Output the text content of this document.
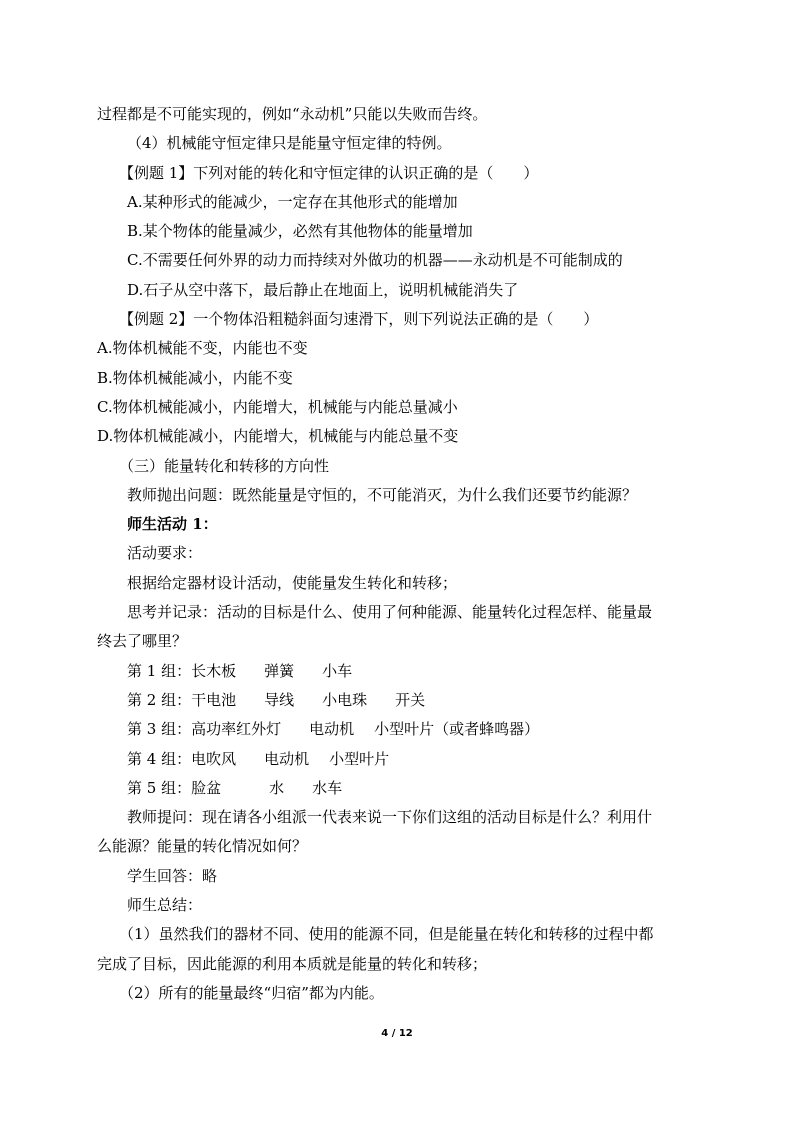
过程都是不可能实现的，例如“永动机”只能以失败而告终。
（4）机械能守恒定律只是能量守恒定律的特例。
【例题 1】下列对能的转化和守恒定律的认识正确的是（　　）
A.某种形式的能减少，一定存在其他形式的能增加
B.某个物体的能量减少，必然有其他物体的能量增加
C.不需要任何外界的动力而持续对外做功的机器——永动机是不可能制成的
D.石子从空中落下，最后静止在地面上，说明机械能消失了
【例题 2】一个物体沿粗糙斜面匀速滑下，则下列说法正确的是（　　）
A.物体机械能不变，内能也不变
B.物体机械能减小，内能不变
C.物体机械能减小，内能增大，机械能与内能总量减小
D.物体机械能减小，内能增大，机械能与内能总量不变
（三）能量转化和转移的方向性
教师抛出问题：既然能量是守恒的，不可能消灭，为什么我们还要节约能源？
师生活动 1：
活动要求：
根据给定器材设计活动，使能量发生转化和转移；
思考并记录：活动的目标是什么、使用了何种能源、能量转化过程怎样、能量最
终去了哪里？
第 1 组：长木板 弹簧 小车
第 2 组：干电池 导线 小电珠 开关
第 3 组：高功率红外灯 电动机 小型叶片（或者蜂鸣器）
第 4 组：电吹风 电动机 小型叶片
第 5 组：脸盆	水 水车
教师提问：现在请各小组派一代表来说一下你们这组的活动目标是什么？利用什
么能源？能量的转化情况如何？
学生回答：略
师生总结：
（1）虽然我们的器材不同、使用的能源不同，但是能量在转化和转移的过程中都
完成了目标，因此能源的利用本质就是能量的转化和转移；
（2）所有的能量最终“归宿”都为内能。
4 / 12
